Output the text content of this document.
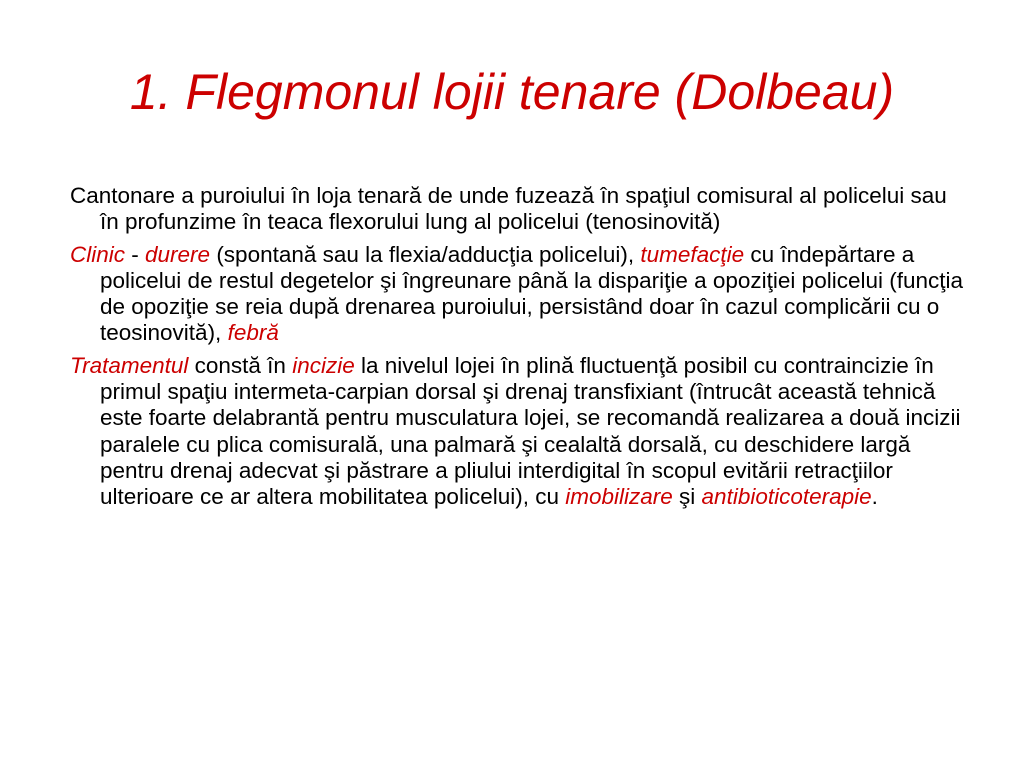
1. Flegmonul lojii tenare (Dolbeau)

Cantonare a puroiului în loja tenară de unde fuzează în spaţiul comisural al policelui sau în profunzime în teaca flexorului lung al policelui (tenosinovită)

Clinic - durere (spontană sau la flexia/adducţia policelui), tumefacţie cu îndepărtare a policelui de restul degetelor şi îngreunare până la dispariţie a opoziţiei policelui (funcţia de opoziţie se reia după drenarea puroiului, persistând doar în cazul complicării cu o teosinovită), febră

Tratamentul constă în incizie la nivelul lojei în plină fluctuenţă posibil cu contraincizie în primul spaţiu intermeta-carpian dorsal şi drenaj transfixiant (întrucât această tehnică este foarte delabrantă pentru musculatura lojei, se recomandă realizarea a două incizii paralele cu plica comisurală, una palmară şi cealaltă dorsală, cu deschidere largă pentru drenaj adecvat şi păstrare a pliului interdigital în scopul evitării retracţiilor ulterioare ce ar altera mobilitatea policelui), cu imobilizare şi antibioticoterapie.
